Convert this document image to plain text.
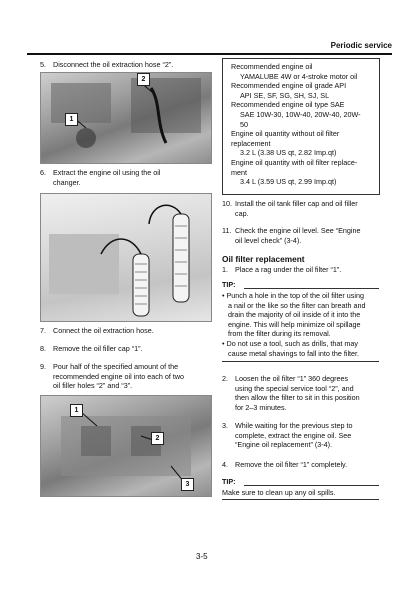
Periodic service
5. Disconnect the oil extraction hose “2”.
1
2
6. Extract the engine oil using the oil
changer.
7. Connect the oil extraction hose.
8. Remove the oil filler cap “1”.
9. Pour half of the specified amount of the
recommended engine oil into each of two
oil filler holes “2” and “3”.
1
2
3
Recommended engine oil
YAMALUBE 4W or 4-stroke motor oil
Recommended engine oil grade API
API SE, SF, SG, SH, SJ, SL
Recommended engine oil type SAE
SAE 10W-30, 10W-40, 20W-40, 20W-
50
Engine oil quantity without oil filter
replacement
3.2 L (3.38 US qt, 2.82 Imp.qt)
Engine oil quantity with oil filter replace-
ment
3.4 L (3.59 US qt, 2.99 Imp.qt)
10. Install the oil tank filler cap and oil filler
cap.
11. Check the engine oil level. See “Engine
oil level check” (3-4).
Oil filter replacement
1. Place a rag under the oil filter “1”.
TIP:
• Punch a hole in the top of the oil filter using
a nail or the like so the filter can breath and
drain the majority of oil inside of it into the
engine. This will help minimize oil spillage
from the filter during its removal.
• Do not use a tool, such as drills, that may
cause metal shavings to fall into the filter.
2. Loosen the oil filter “1” 360 degrees
using the special service tool “2”, and
then allow the filter to sit in this position
for 2–3 minutes.
3. While waiting for the previous step to
complete, extract the engine oil. See
“Engine oil replacement” (3-4).
4. Remove the oil filter “1” completely.
TIP:
Make sure to clean up any oil spills.
3-5
